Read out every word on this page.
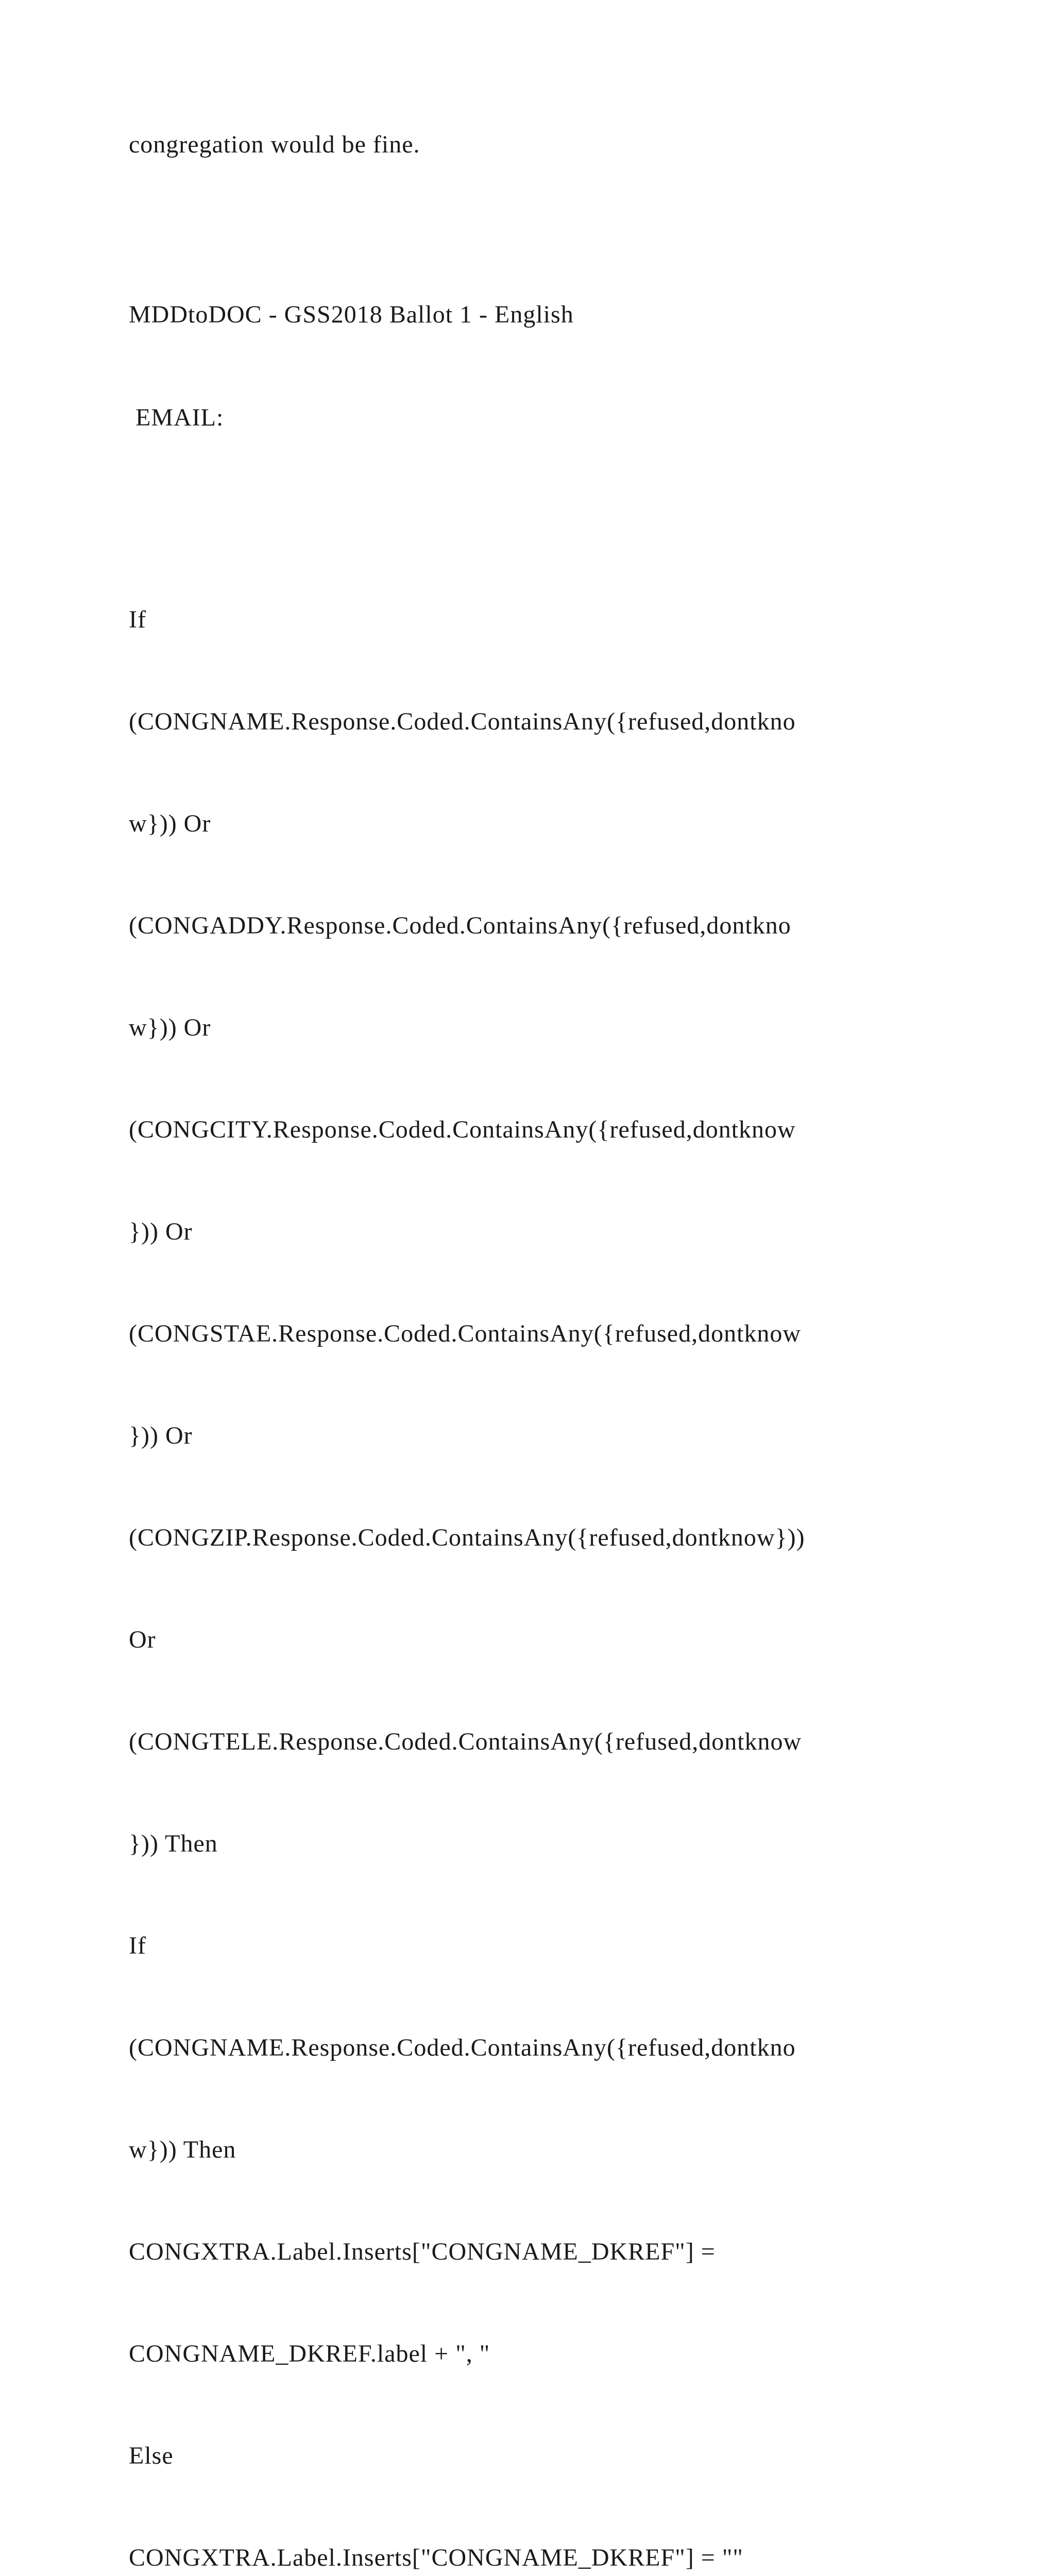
congregation would be fine.

MDDtoDOC - GSS2018 Ballot 1 - English

EMAIL:

If

(CONGNAME.Response.Coded.ContainsAny({refused,dontkno

w})) Or

(CONGADDY.Response.Coded.ContainsAny({refused,dontkno

w})) Or

(CONGCITY.Response.Coded.ContainsAny({refused,dontknow

})) Or

(CONGSTAE.Response.Coded.ContainsAny({refused,dontknow

})) Or

(CONGZIP.Response.Coded.ContainsAny({refused,dontknow}))

Or

(CONGTELE.Response.Coded.ContainsAny({refused,dontknow

})) Then

If

(CONGNAME.Response.Coded.ContainsAny({refused,dontkno

w})) Then

CONGXTRA.Label.Inserts["CONGNAME_DKREF"] =

CONGNAME_DKREF.label + ", "

Else

CONGXTRA.Label.Inserts["CONGNAME_DKREF"] = ""
